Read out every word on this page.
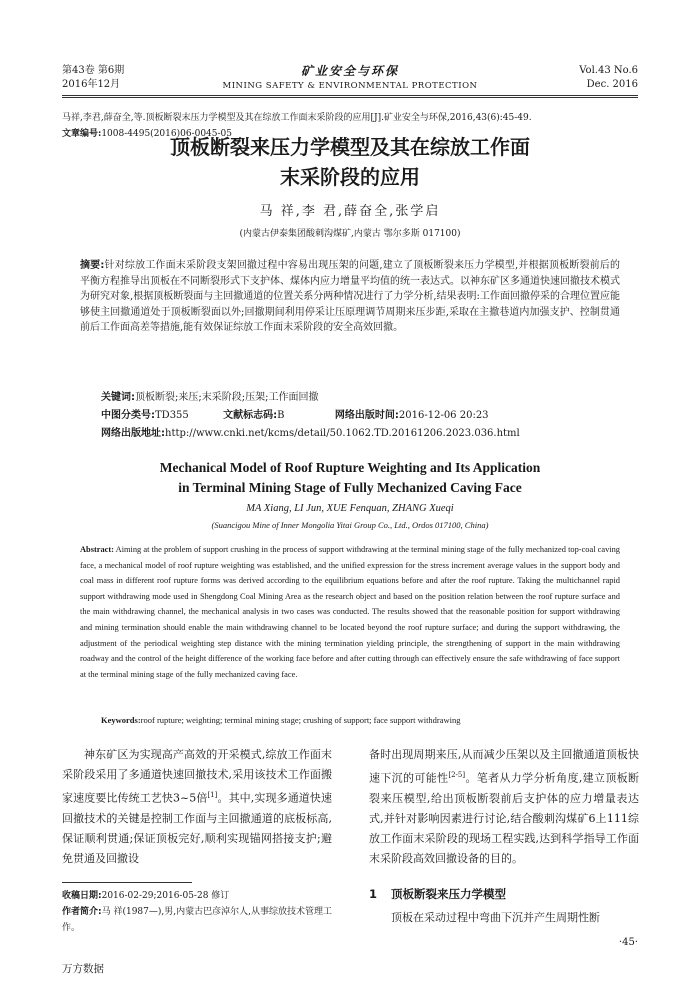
第43卷 第6期
2016年12月
矿业安全与环保
MINING SAFETY & ENVIRONMENTAL PROTECTION
Vol.43 No.6
Dec. 2016
马祥,李君,薛奋全,等.顶板断裂末压力学模型及其在综放工作面末采阶段的应用[J].矿业安全与环保,2016,43(6):45-49.
文章编号:1008-4495(2016)06-0045-05
顶板断裂来压力学模型及其在综放工作面
末采阶段的应用
马 祥,李 君,薛奋全,张学启
(内蒙古伊泰集团酸刺沟煤矿,内蒙古 鄂尔多斯 017100)
摘要:针对综放工作面末采阶段支架回撤过程中容易出现压架的问题,建立了顶板断裂来压力学模型,并根据顶板断裂前后的平衡方程推导出顶板在不同断裂形式下支护体、煤体内应力增量平均值的统一表达式。以神东矿区多通道快速回撤技术模式为研究对象,根据顶板断裂面与主回撤通道的位置关系分两种情况进行了力学分析,结果表明:工作面回撤停采的合理位置应能够使主回撤通道处于顶板断裂面以外;回撤期间利用停采让压原理调节周期来压步距,采取在主撤巷道内加强支护、控制贯通前后工作面高差等措施,能有效保证综放工作面末采阶段的安全高效回撤。
关键词:顶板断裂;来压;末采阶段;压架;工作面回撤
中图分类号:TD355	文献标志码:B	网络出版时间:2016-12-06 20:23
网络出版地址:http://www.cnki.net/kcms/detail/50.1062.TD.20161206.2023.036.html
Mechanical Model of Roof Rupture Weighting and Its Application
in Terminal Mining Stage of Fully Mechanized Caving Face
MA Xiang, LI Jun, XUE Fenquan, ZHANG Xueqi
(Suancigou Mine of Inner Mongolia Yitai Group Co., Ltd., Ordos 017100, China)
Abstract: Aiming at the problem of support crushing in the process of support withdrawing at the terminal mining stage of the fully mechanized top-coal caving face, a mechanical model of roof rupture weighting was established, and the unified expression for the stress increment average values in the support body and coal mass in different roof rupture forms was derived according to the equilibrium equations before and after the roof rupture. Taking the multichannel rapid support withdrawing mode used in Shengdong Coal Mining Area as the research object and based on the position relation between the roof rupture surface and the main withdrawing channel, the mechanical analysis in two cases was conducted. The results showed that the reasonable position for support withdrawing and mining termination should enable the main withdrawing channel to be located beyond the roof rupture surface; and during the support withdrawing, the adjustment of the periodical weighting step distance with the mining termination yielding principle, the strengthening of support in the main withdrawing roadway and the control of the height difference of the working face before and after cutting through can effectively ensure the safe withdrawing of face support at the terminal mining stage of the fully mechanized caving face.
Keywords:roof rupture; weighting; terminal mining stage; crushing of support; face support withdrawing
神东矿区为实现高产高效的开采模式,综放工作面末采阶段采用了多通道快速回撤技术,采用该技术工作面搬家速度要比传统工艺快3~5倍[1]。其中,实现多通道快速回撤技术的关键是控制工作面与主回撤通道的底板标高,保证顺利贯通;保证顶板完好,顺利实现锚网搭接支护;避免贯通及回撤设
收稿日期:2016-02-29;2016-05-28 修订
作者简介:马 祥(1987—),男,内蒙古巴彦淖尔人,从事综放技术管理工作。
备时出现周期来压,从而减少压架以及主回撤通道顶板快速下沉的可能性[2-5]。笔者从力学分析角度,建立顶板断裂来压模型,给出顶板断裂前后支护体的应力增量表达式,并针对影响因素进行讨论,结合酸刺沟煤矿6上111综放工作面末采阶段的现场工程实践,达到科学指导工作面末采阶段高效回撤设备的目的。
1 顶板断裂来压力学模型
顶板在采动过程中弯曲下沉并产生周期性断
·45·
万方数据
